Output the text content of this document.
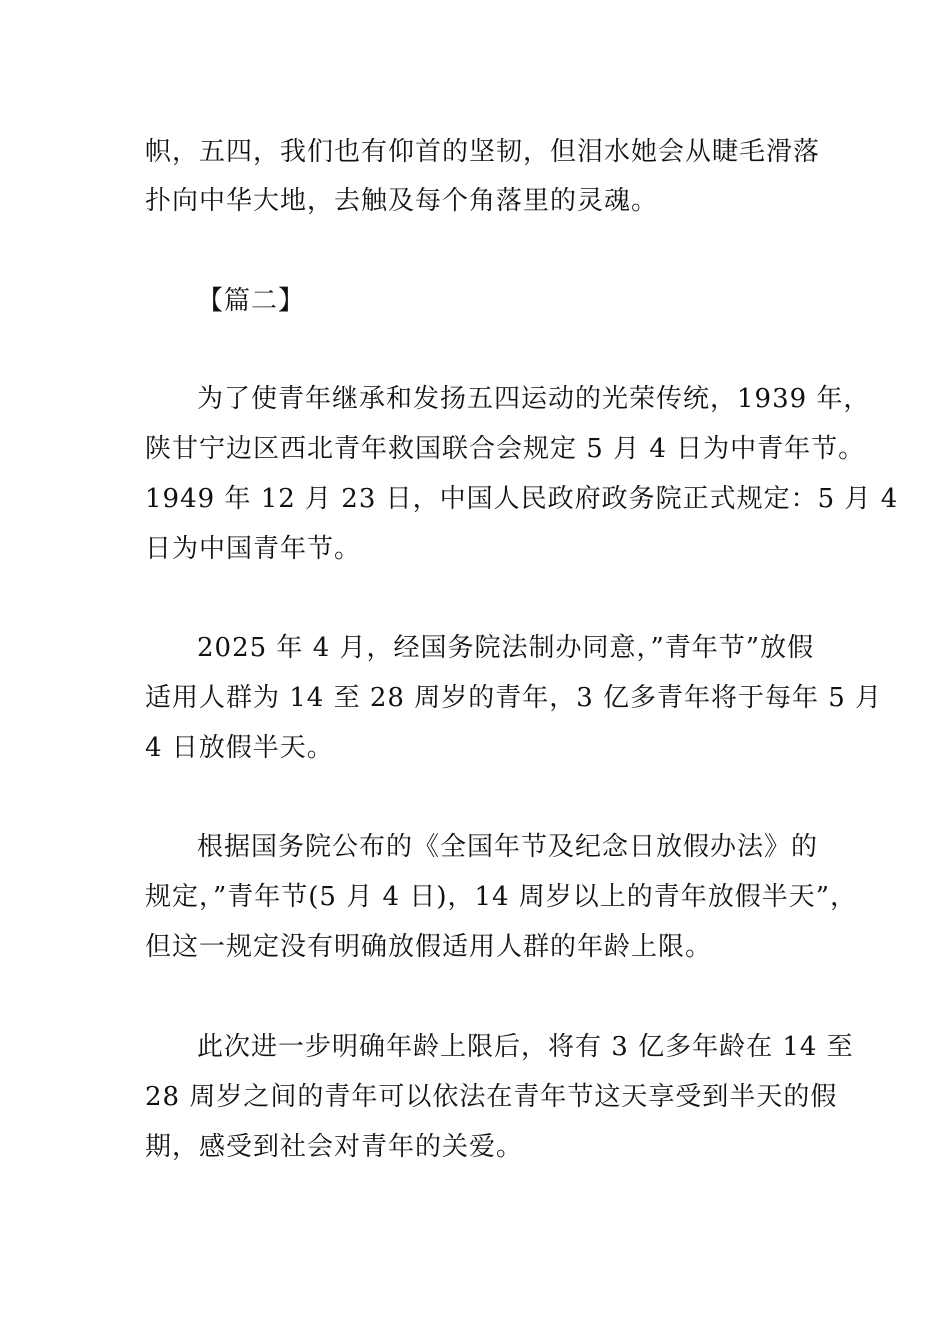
帜，五四，我们也有仰首的坚韧，但泪水她会从睫毛滑落
扑向中华大地，去触及每个角落里的灵魂。
【篇二】
为了使青年继承和发扬五四运动的光荣传统，1939 年，
陕甘宁边区西北青年救国联合会规定 5 月 4 日为中青年节。
1949 年 12 月 23 日，中国人民政府政务院正式规定：5 月 4
日为中国青年节。
2025 年 4 月，经国务院法制办同意，”青年节”放假
适用人群为 14 至 28 周岁的青年，3 亿多青年将于每年 5 月
4 日放假半天。
根据国务院公布的《全国年节及纪念日放假办法》的
规定，”青年节(5 月 4 日)，14 周岁以上的青年放假半天”，
但这一规定没有明确放假适用人群的年龄上限。
此次进一步明确年龄上限后，将有 3 亿多年龄在 14 至
28 周岁之间的青年可以依法在青年节这天享受到半天的假
期，感受到社会对青年的关爱。
